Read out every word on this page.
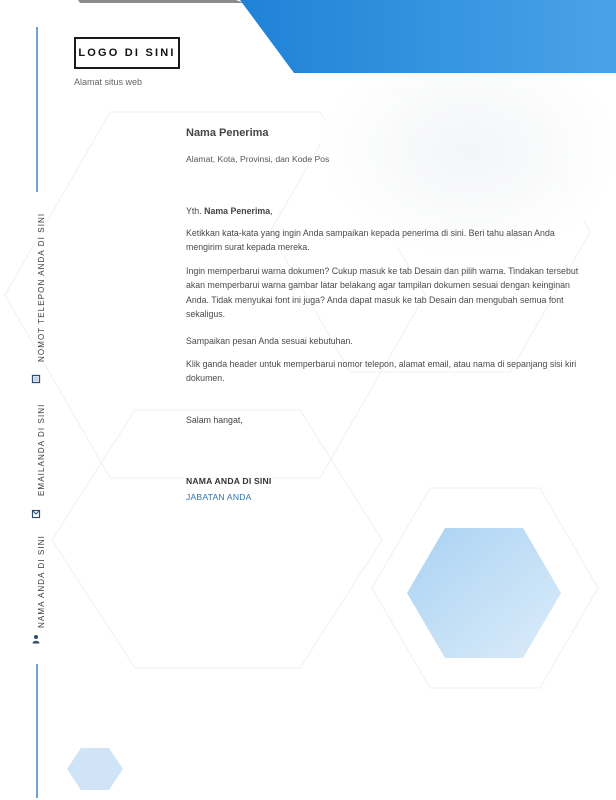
LOGO DI SINI
Alamat situs web
NOMOT TELEPON ANDA DI SINI
EMAILANDA DI SINI
NAMA ANDA DI SINI
Nama Penerima
Alamat, Kota, Provinsi, dan Kode Pos
Yth. Nama Penerima,

Ketikkan kata-kata yang ingin Anda sampaikan kepada penerima di sini. Beri tahu alasan Anda mengirim surat kepada mereka.

Ingin memperbarui warna dokumen? Cukup masuk ke tab Desain dan pilih warna. Tindakan tersebut akan memperbarui warna gambar latar belakang agar tampilan dokumen sesuai dengan keinginan Anda. Tidak menyukai font ini juga? Anda dapat masuk ke tab Desain dan mengubah semua font sekaligus.

Sampaikan pesan Anda sesuai kebutuhan.

Klik ganda header untuk memperbarui nomor telepon, alamat email, atau nama di sepanjang sisi kiri dokumen.

Salam hangat,
NAMA ANDA DI SINI
JABATAN ANDA
